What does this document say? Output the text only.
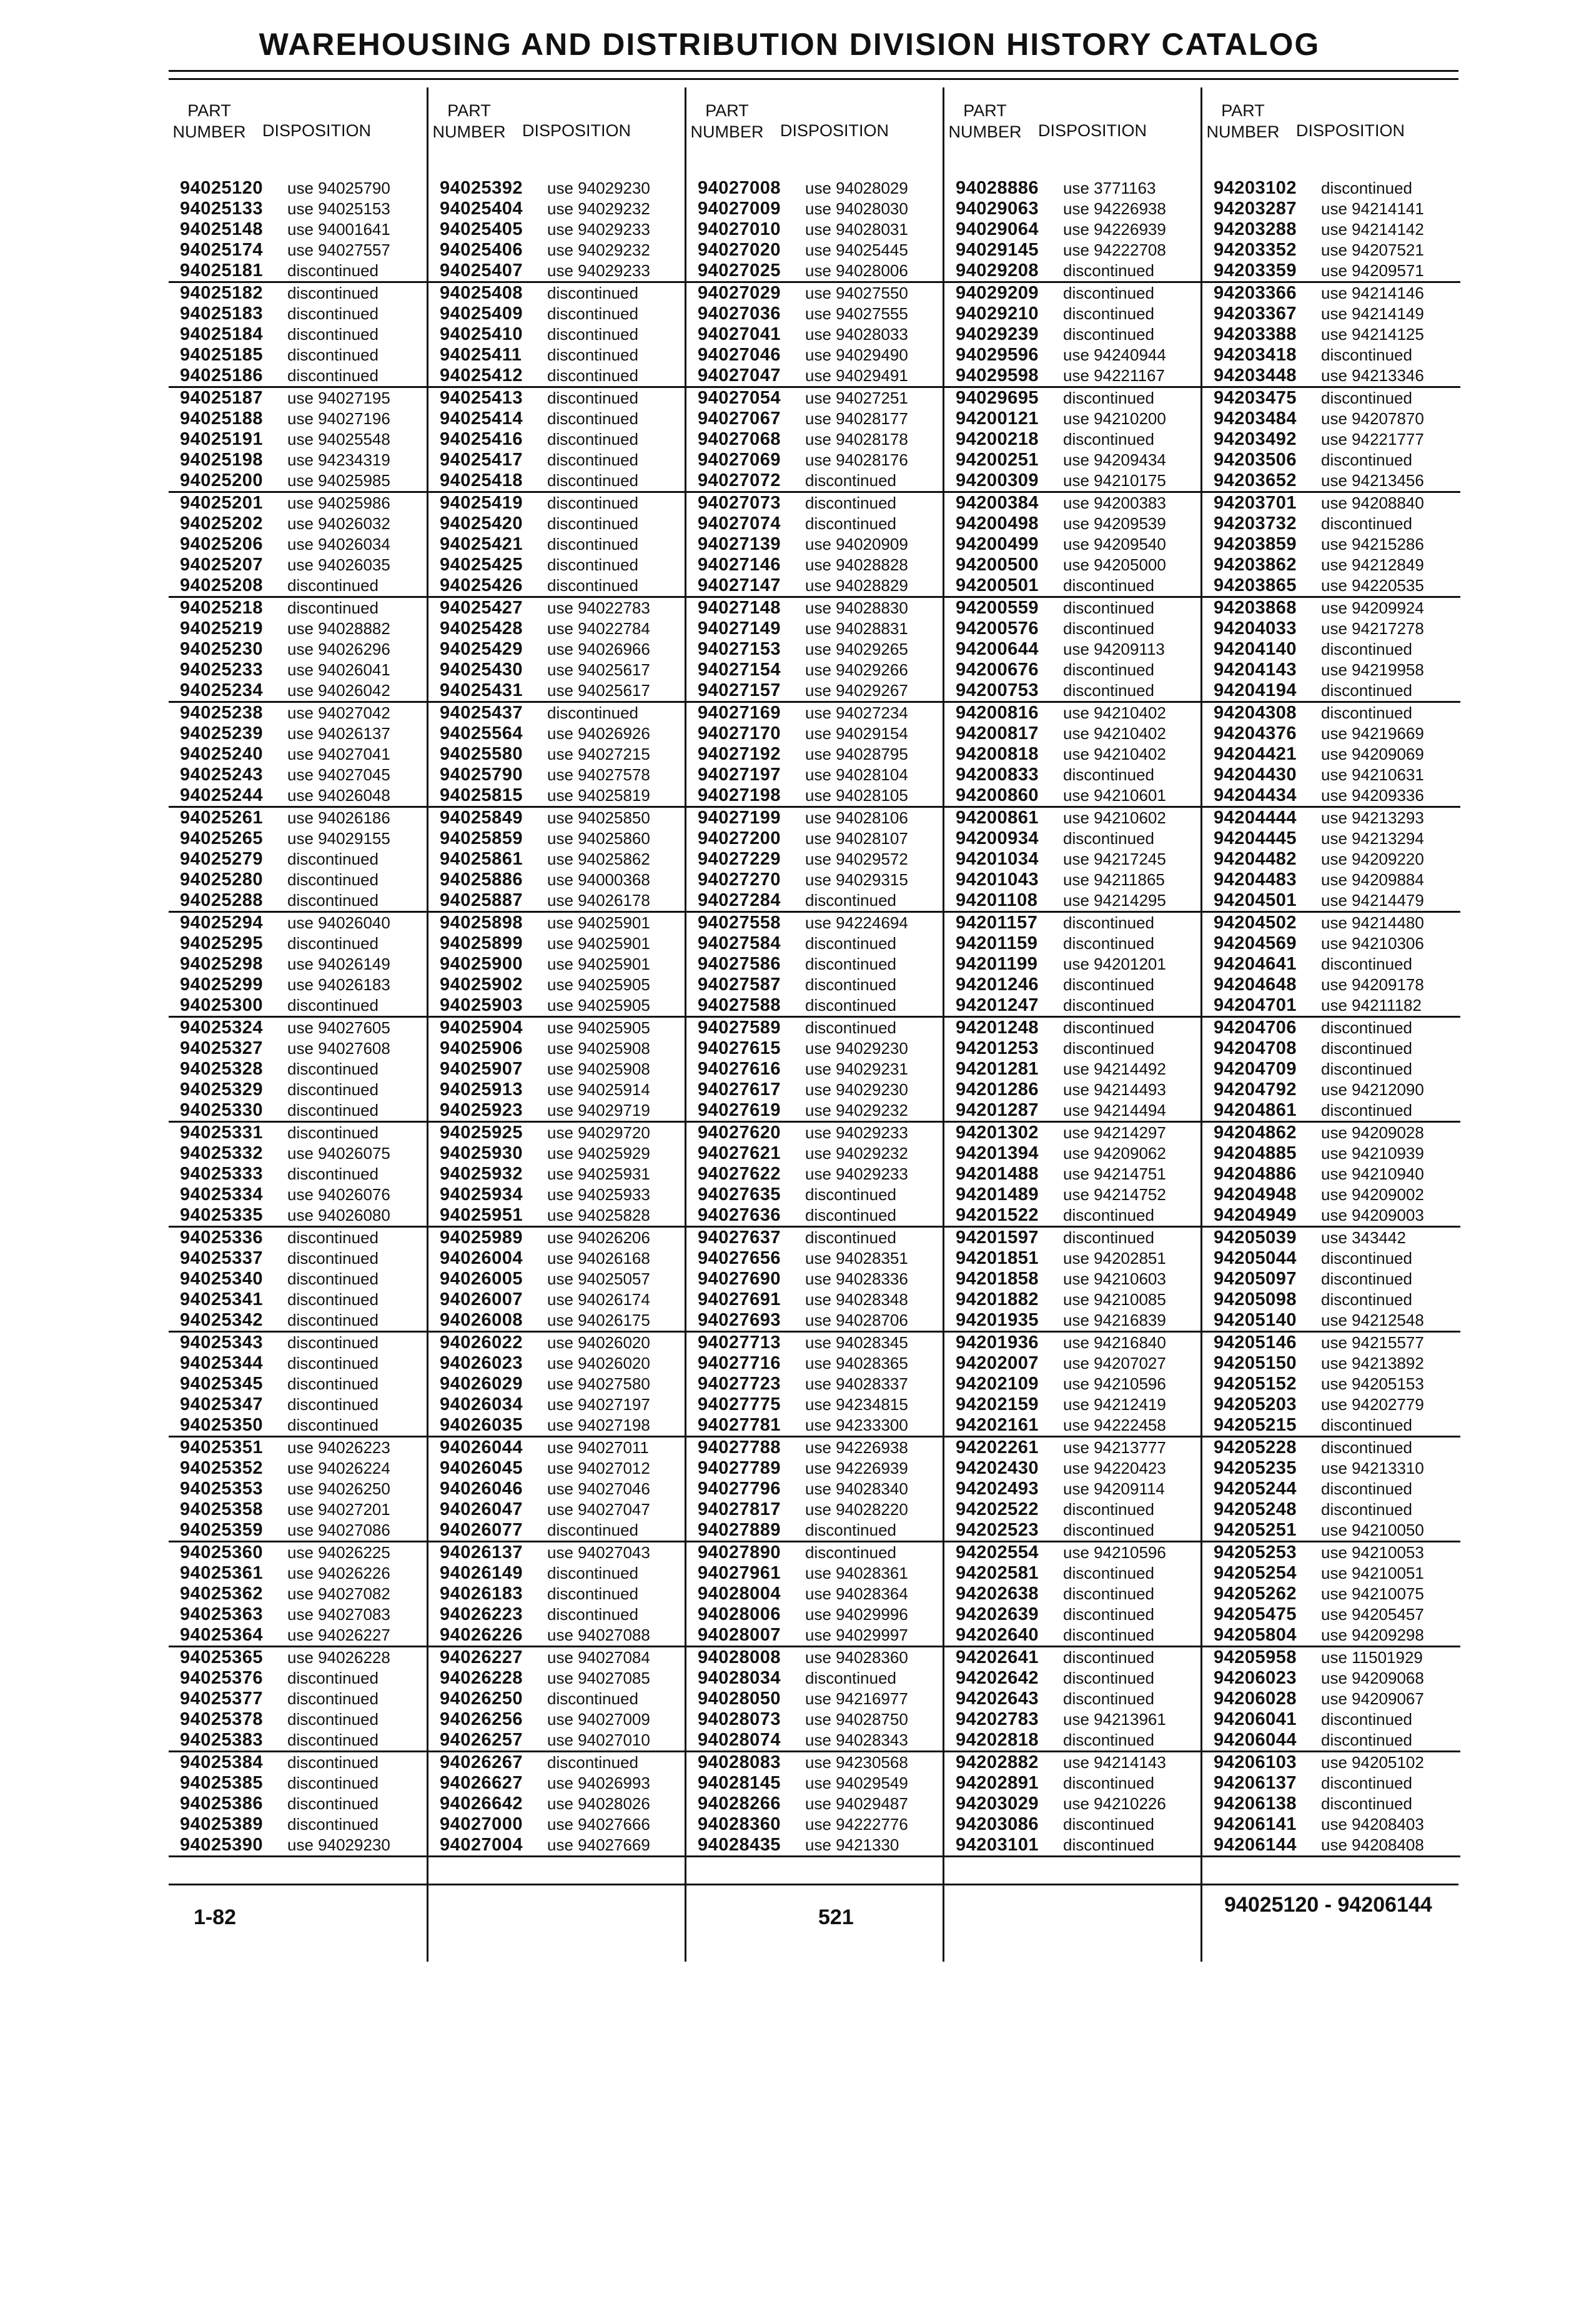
WAREHOUSING AND DISTRIBUTION DIVISION HISTORY CATALOG
PART
NUMBER DISPOSITION
94025120 use 94025790
94025133 use 94025153
94025148 use 94001641
94025174 use 94027557
94025181 discontinued
94025182 discontinued
94025183 discontinued
94025184 discontinued
94025185 discontinued
94025186 discontinued
94025187 use 94027195
94025188 use 94027196
94025191 use 94025548
94025198 use 94234319
94025200 use 94025985
94025201 use 94025986
94025202 use 94026032
94025206 use 94026034
94025207 use 94026035
94025208 discontinued
94025218 discontinued
94025219 use 94028882
94025230 use 94026296
94025233 use 94026041
94025234 use 94026042
94025238 use 94027042
94025239 use 94026137
94025240 use 94027041
94025243 use 94027045
94025244 use 94026048
94025261 use 94026186
94025265 use 94029155
94025279 discontinued
94025280 discontinued
94025288 discontinued
94025294 use 94026040
94025295 discontinued
94025298 use 94026149
94025299 use 94026183
94025300 discontinued
94025324 use 94027605
94025327 use 94027608
94025328 discontinued
94025329 discontinued
94025330 discontinued
94025331 discontinued
94025332 use 94026075
94025333 discontinued
94025334 use 94026076
94025335 use 94026080
94025336 discontinued
94025337 discontinued
94025340 discontinued
94025341 discontinued
94025342 discontinued
94025343 discontinued
94025344 discontinued
94025345 discontinued
94025347 discontinued
94025350 discontinued
94025351 use 94026223
94025352 use 94026224
94025353 use 94026250
94025358 use 94027201
94025359 use 94027086
94025360 use 94026225
94025361 use 94026226
94025362 use 94027082
94025363 use 94027083
94025364 use 94026227
94025365 use 94026228
94025376 discontinued
94025377 discontinued
94025378 discontinued
94025383 discontinued
94025384 discontinued
94025385 discontinued
94025386 discontinued
94025389 discontinued
94025390 use 94029230
PART
NUMBER DISPOSITION
94025392 use 94029230
94025404 use 94029232
94025405 use 94029233
94025406 use 94029232
94025407 use 94029233
94025408 discontinued
94025409 discontinued
94025410 discontinued
94025411 discontinued
94025412 discontinued
94025413 discontinued
94025414 discontinued
94025416 discontinued
94025417 discontinued
94025418 discontinued
94025419 discontinued
94025420 discontinued
94025421 discontinued
94025425 discontinued
94025426 discontinued
94025427 use 94022783
94025428 use 94022784
94025429 use 94026966
94025430 use 94025617
94025431 use 94025617
94025437 discontinued
94025564 use 94026926
94025580 use 94027215
94025790 use 94027578
94025815 use 94025819
94025849 use 94025850
94025859 use 94025860
94025861 use 94025862
94025886 use 94000368
94025887 use 94026178
94025898 use 94025901
94025899 use 94025901
94025900 use 94025901
94025902 use 94025905
94025903 use 94025905
94025904 use 94025905
94025906 use 94025908
94025907 use 94025908
94025913 use 94025914
94025923 use 94029719
94025925 use 94029720
94025930 use 94025929
94025932 use 94025931
94025934 use 94025933
94025951 use 94025828
94025989 use 94026206
94026004 use 94026168
94026005 use 94025057
94026007 use 94026174
94026008 use 94026175
94026022 use 94026020
94026023 use 94026020
94026029 use 94027580
94026034 use 94027197
94026035 use 94027198
94026044 use 94027011
94026045 use 94027012
94026046 use 94027046
94026047 use 94027047
94026077 discontinued
94026137 use 94027043
94026149 discontinued
94026183 discontinued
94026223 discontinued
94026226 use 94027088
94026227 use 94027084
94026228 use 94027085
94026250 discontinued
94026256 use 94027009
94026257 use 94027010
94026267 discontinued
94026627 use 94026993
94026642 use 94028026
94027000 use 94027666
94027004 use 94027669
PART
NUMBER DISPOSITION
94027008 use 94028029
94027009 use 94028030
94027010 use 94028031
94027020 use 94025445
94027025 use 94028006
94027029 use 94027550
94027036 use 94027555
94027041 use 94028033
94027046 use 94029490
94027047 use 94029491
94027054 use 94027251
94027067 use 94028177
94027068 use 94028178
94027069 use 94028176
94027072 discontinued
94027073 discontinued
94027074 discontinued
94027139 use 94020909
94027146 use 94028828
94027147 use 94028829
94027148 use 94028830
94027149 use 94028831
94027153 use 94029265
94027154 use 94029266
94027157 use 94029267
94027169 use 94027234
94027170 use 94029154
94027192 use 94028795
94027197 use 94028104
94027198 use 94028105
94027199 use 94028106
94027200 use 94028107
94027229 use 94029572
94027270 use 94029315
94027284 discontinued
94027558 use 94224694
94027584 discontinued
94027586 discontinued
94027587 discontinued
94027588 discontinued
94027589 discontinued
94027615 use 94029230
94027616 use 94029231
94027617 use 94029230
94027619 use 94029232
94027620 use 94029233
94027621 use 94029232
94027622 use 94029233
94027635 discontinued
94027636 discontinued
94027637 discontinued
94027656 use 94028351
94027690 use 94028336
94027691 use 94028348
94027693 use 94028706
94027713 use 94028345
94027716 use 94028365
94027723 use 94028337
94027775 use 94234815
94027781 use 94233300
94027788 use 94226938
94027789 use 94226939
94027796 use 94028340
94027817 use 94028220
94027889 discontinued
94027890 discontinued
94027961 use 94028361
94028004 use 94028364
94028006 use 94029996
94028007 use 94029997
94028008 use 94028360
94028034 discontinued
94028050 use 94216977
94028073 use 94028750
94028074 use 94028343
94028083 use 94230568
94028145 use 94029549
94028266 use 94029487
94028360 use 94222776
94028435 use 9421330
PART
NUMBER DISPOSITION
94028886 use 3771163
94029063 use 94226938
94029064 use 94226939
94029145 use 94222708
94029208 discontinued
94029209 discontinued
94029210 discontinued
94029239 discontinued
94029596 use 94240944
94029598 use 94221167
94029695 discontinued
94200121 use 94210200
94200218 discontinued
94200251 use 94209434
94200309 use 94210175
94200384 use 94200383
94200498 use 94209539
94200499 use 94209540
94200500 use 94205000
94200501 discontinued
94200559 discontinued
94200576 discontinued
94200644 use 94209113
94200676 discontinued
94200753 discontinued
94200816 use 94210402
94200817 use 94210402
94200818 use 94210402
94200833 discontinued
94200860 use 94210601
94200861 use 94210602
94200934 discontinued
94201034 use 94217245
94201043 use 94211865
94201108 use 94214295
94201157 discontinued
94201159 discontinued
94201199 use 94201201
94201246 discontinued
94201247 discontinued
94201248 discontinued
94201253 discontinued
94201281 use 94214492
94201286 use 94214493
94201287 use 94214494
94201302 use 94214297
94201394 use 94209062
94201488 use 94214751
94201489 use 94214752
94201522 discontinued
94201597 discontinued
94201851 use 94202851
94201858 use 94210603
94201882 use 94210085
94201935 use 94216839
94201936 use 94216840
94202007 use 94207027
94202109 use 94210596
94202159 use 94212419
94202161 use 94222458
94202261 use 94213777
94202430 use 94220423
94202493 use 94209114
94202522 discontinued
94202523 discontinued
94202554 use 94210596
94202581 discontinued
94202638 discontinued
94202639 discontinued
94202640 discontinued
94202641 discontinued
94202642 discontinued
94202643 discontinued
94202783 use 94213961
94202818 discontinued
94202882 use 94214143
94202891 discontinued
94203029 use 94210226
94203086 discontinued
94203101 discontinued
PART
NUMBER DISPOSITION
94203102 discontinued
94203287 use 94214141
94203288 use 94214142
94203352 use 94207521
94203359 use 94209571
94203366 use 94214146
94203367 use 94214149
94203388 use 94214125
94203418 discontinued
94203448 use 94213346
94203475 discontinued
94203484 use 94207870
94203492 use 94221777
94203506 discontinued
94203652 use 94213456
94203701 use 94208840
94203732 discontinued
94203859 use 94215286
94203862 use 94212849
94203865 use 94220535
94203868 use 94209924
94204033 use 94217278
94204140 discontinued
94204143 use 94219958
94204194 discontinued
94204308 discontinued
94204376 use 94219669
94204421 use 94209069
94204430 use 94210631
94204434 use 94209336
94204444 use 94213293
94204445 use 94213294
94204482 use 94209220
94204483 use 94209884
94204501 use 94214479
94204502 use 94214480
94204569 use 94210306
94204641 discontinued
94204648 use 94209178
94204701 use 94211182
94204706 discontinued
94204708 discontinued
94204709 discontinued
94204792 use 94212090
94204861 discontinued
94204862 use 94209028
94204885 use 94210939
94204886 use 94210940
94204948 use 94209002
94204949 use 94209003
94205039 use 343442
94205044 discontinued
94205097 discontinued
94205098 discontinued
94205140 use 94212548
94205146 use 94215577
94205150 use 94213892
94205152 use 94205153
94205203 use 94202779
94205215 discontinued
94205228 discontinued
94205235 use 94213310
94205244 discontinued
94205248 discontinued
94205251 use 94210050
94205253 use 94210053
94205254 use 94210051
94205262 use 94210075
94205475 use 94205457
94205804 use 94209298
94205958 use 11501929
94206023 use 94209068
94206028 use 94209067
94206041 discontinued
94206044 discontinued
94206103 use 94205102
94206137 discontinued
94206138 discontinued
94206141 use 94208403
94206144 use 94208408
1-82	521
94025120 - 94206144
